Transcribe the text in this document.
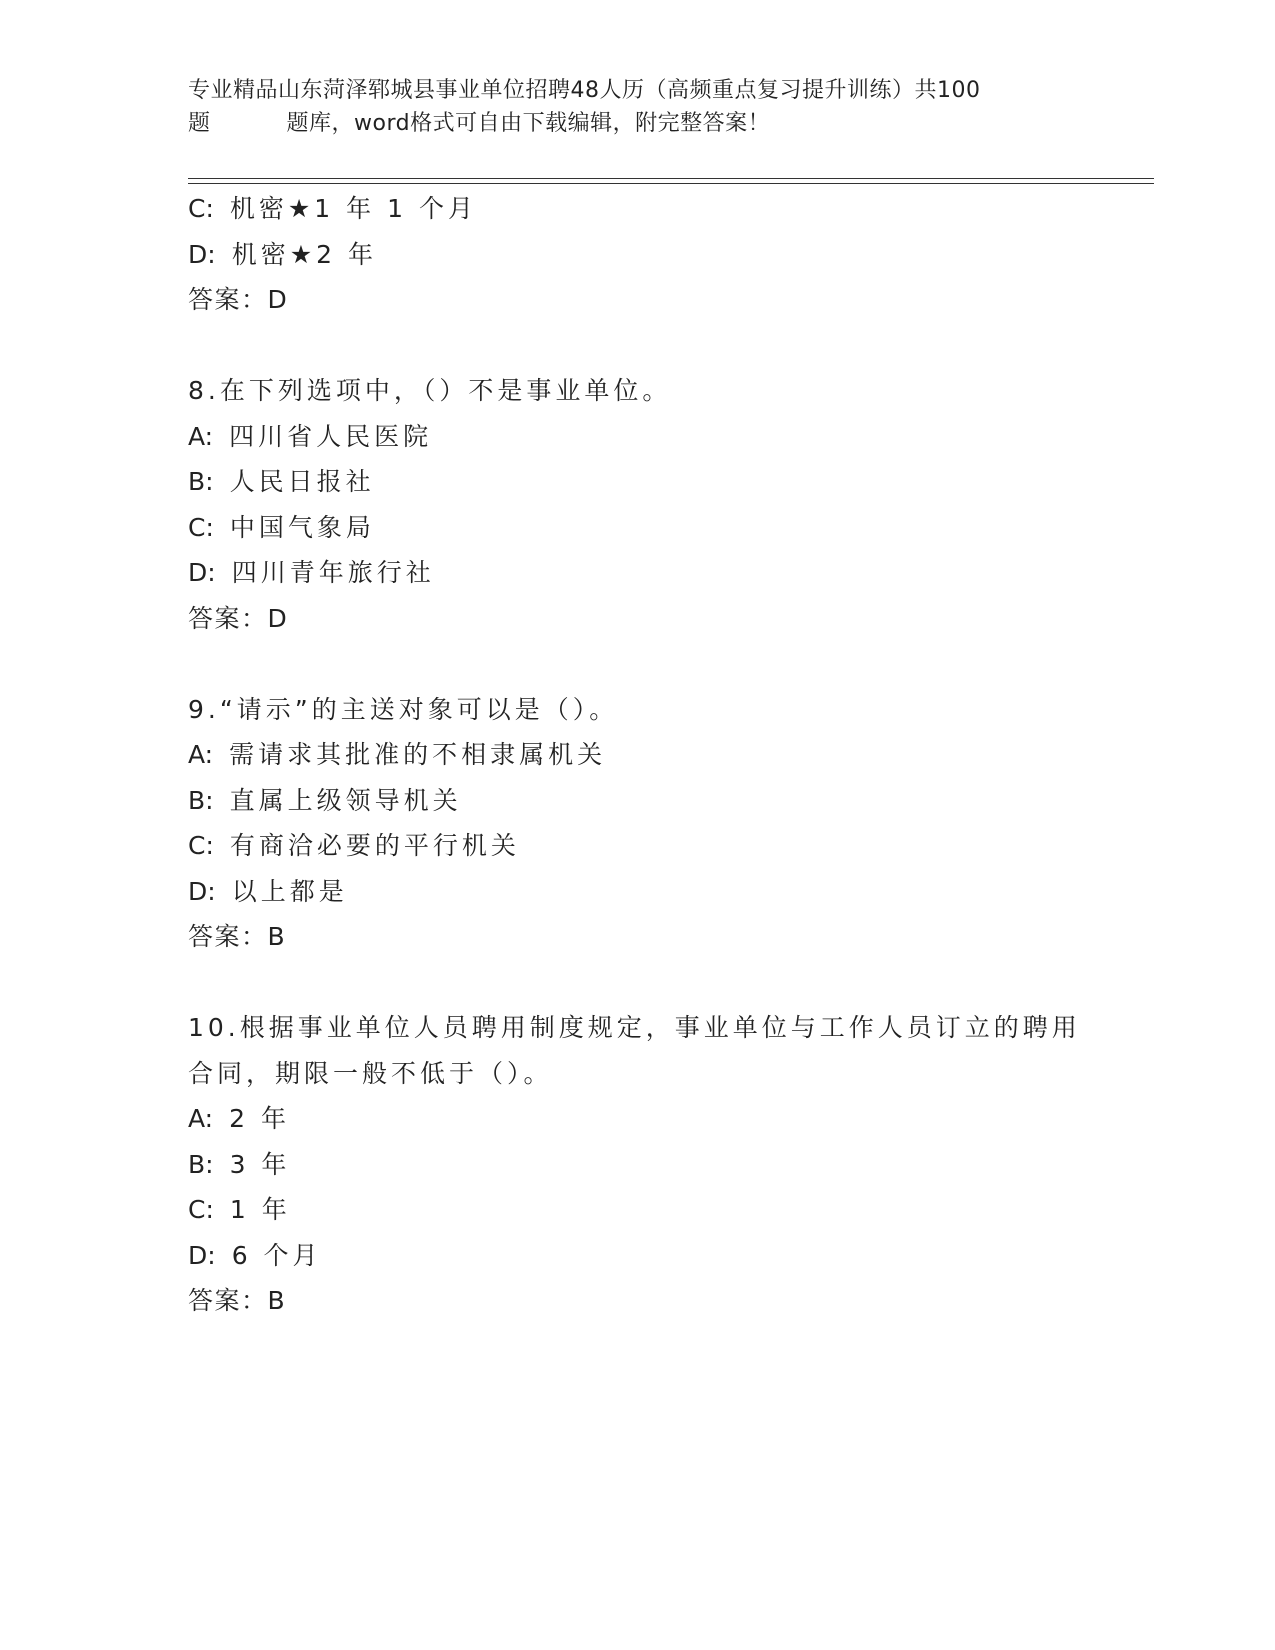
专业精品山东菏泽郓城县事业单位招聘48人历（高频重点复习提升训练）共100
题	题库，word格式可自由下载编辑，附完整答案！
C: 机密★1 年 1 个月
D: 机密★2 年
答案：D
8.在下列选项中，（）不是事业单位。
A: 四川省人民医院
B: 人民日报社
C: 中国气象局
D: 四川青年旅行社
答案：D
9.“请示”的主送对象可以是（）。
A: 需请求其批准的不相隶属机关
B: 直属上级领导机关
C: 有商洽必要的平行机关
D: 以上都是
答案：B
10.根据事业单位人员聘用制度规定，事业单位与工作人员订立的聘用
合同，期限一般不低于（）。
A: 2 年
B: 3 年
C: 1 年
D: 6 个月
答案：B
